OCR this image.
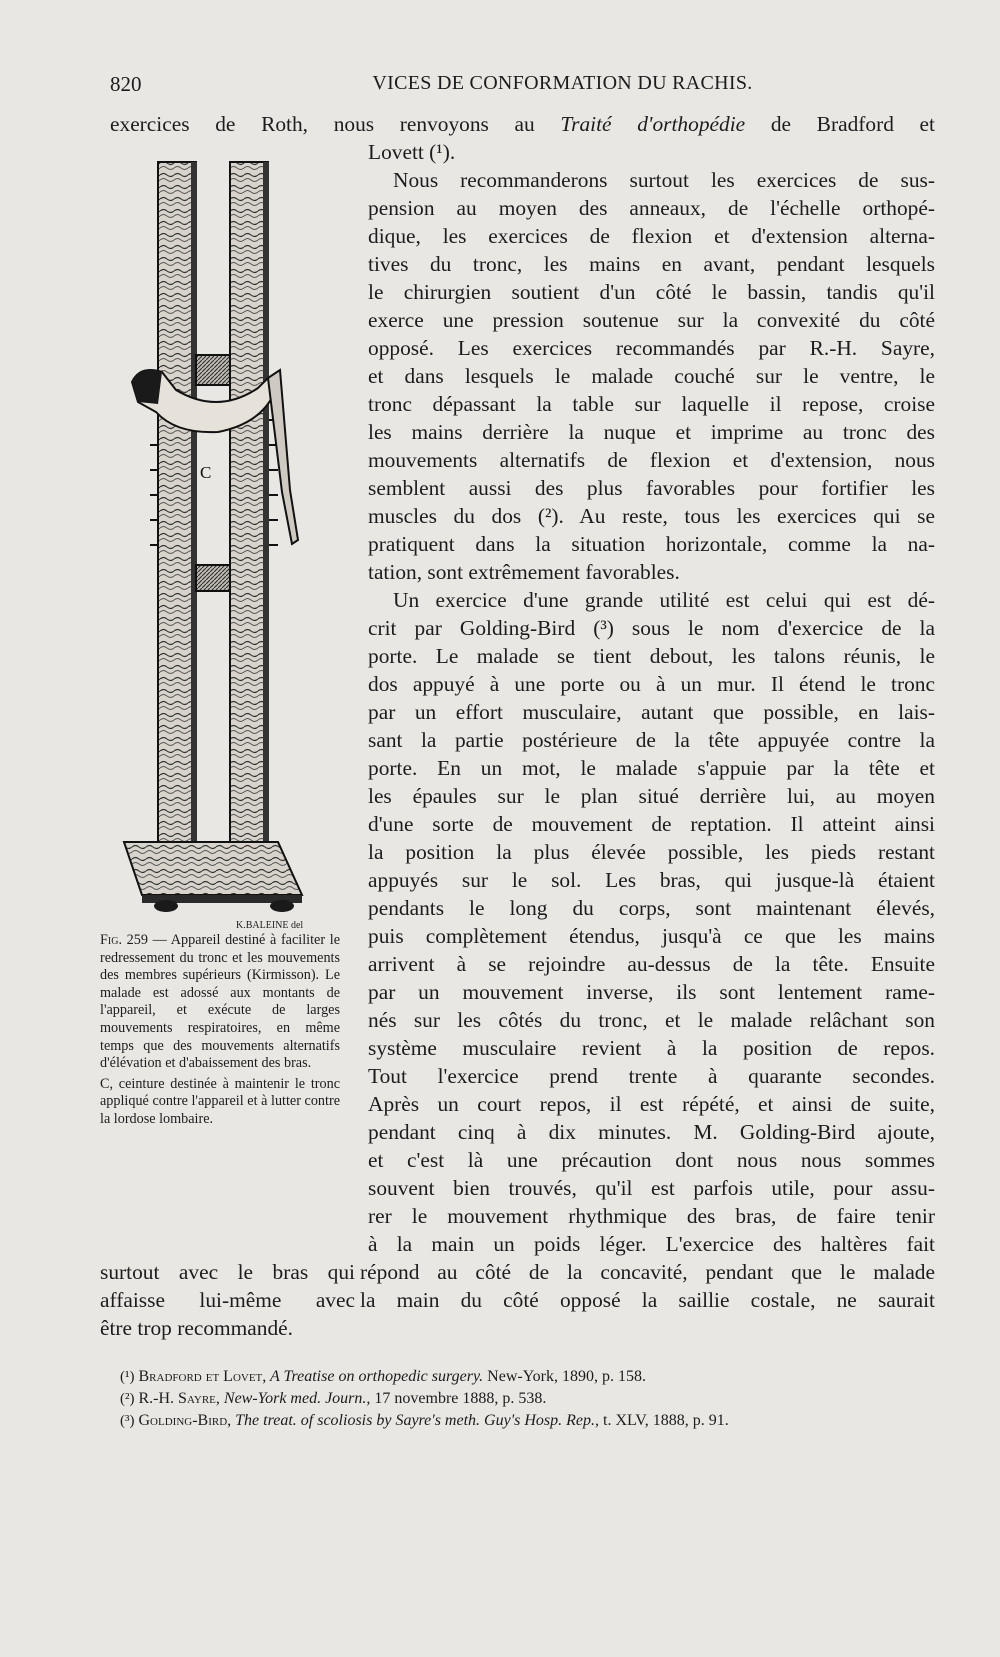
820	VICES DE CONFORMATION DU RACHIS.
exercices de Roth, nous renvoyons au Traité d'orthopédie de Bradford et
Lovett (¹).
Nous recommanderons surtout les exercices de sus-
pension au moyen des anneaux, de l'échelle orthopé-
dique, les exercices de flexion et d'extension alterna-
tives du tronc, les mains en avant, pendant lesquels
le chirurgien soutient d'un côté le bassin, tandis qu'il
exerce une pression soutenue sur la convexité du côté
opposé. Les exercices recommandés par R.-H. Sayre,
et dans lesquels le malade couché sur le ventre, le
tronc dépassant la table sur laquelle il repose, croise
les mains derrière la nuque et imprime au tronc des
mouvements alternatifs de flexion et d'extension, nous
semblent aussi des plus favorables pour fortifier les
muscles du dos (²). Au reste, tous les exercices qui se
pratiquent dans la situation horizontale, comme la na-
tation, sont extrêmement favorables.
Un exercice d'une grande utilité est celui qui est dé-
crit par Golding-Bird (³) sous le nom d'exercice de la
porte. Le malade se tient debout, les talons réunis, le
dos appuyé à une porte ou à un mur. Il étend le tronc
par un effort musculaire, autant que possible, en lais-
sant la partie postérieure de la tête appuyée contre la
porte. En un mot, le malade s'appuie par la tête et
les épaules sur le plan situé derrière lui, au moyen
d'une sorte de mouvement de reptation. Il atteint ainsi
la position la plus élevée possible, les pieds restant
appuyés sur le sol. Les bras, qui jusque-là étaient
pendants le long du corps, sont maintenant élevés,
puis complètement étendus, jusqu'à ce que les mains
arrivent à se rejoindre au-dessus de la tête. Ensuite
par un mouvement inverse, ils sont lentement rame-
nés sur les côtés du tronc, et le malade relâchant son
système musculaire revient à la position de repos.
Tout l'exercice prend trente à quarante secondes.
Après un court repos, il est répété, et ainsi de suite,
pendant cinq à dix minutes. M. Golding-Bird ajoute,
et c'est là une précaution dont nous nous sommes
souvent bien trouvés, qu'il est parfois utile, pour assu-
rer le mouvement rhythmique des bras, de faire tenir
à la main un poids léger. L'exercice des haltères fait
surtout avec le bras qui répond au côté de la concavité, pendant que le malade
affaisse lui-même avec la main du côté opposé la saillie costale, ne saurait
être trop recommandé.
C
K.BALEINE del

Fig. 259 — Appareil destiné à faciliter le redressement du tronc et les mouvements des membres supérieurs (Kirmisson). Le malade est adossé aux montants de l'appareil, et exécute de larges mouvements respiratoires, en même temps que des mouvements alternatifs d'élévation et d'abaissement des bras.

C, ceinture destinée à maintenir le tronc appliqué contre l'appareil et à lutter contre la lordose lombaire.

(¹) Bradford et Lovet, A Treatise on orthopedic surgery. New-York, 1890, p. 158.
(²) R.-H. Sayre, New-York med. Journ., 17 novembre 1888, p. 538.
(³) Golding-Bird, The treat. of scoliosis by Sayre's meth. Guy's Hosp. Rep., t. XLV, 1888, p. 91.
